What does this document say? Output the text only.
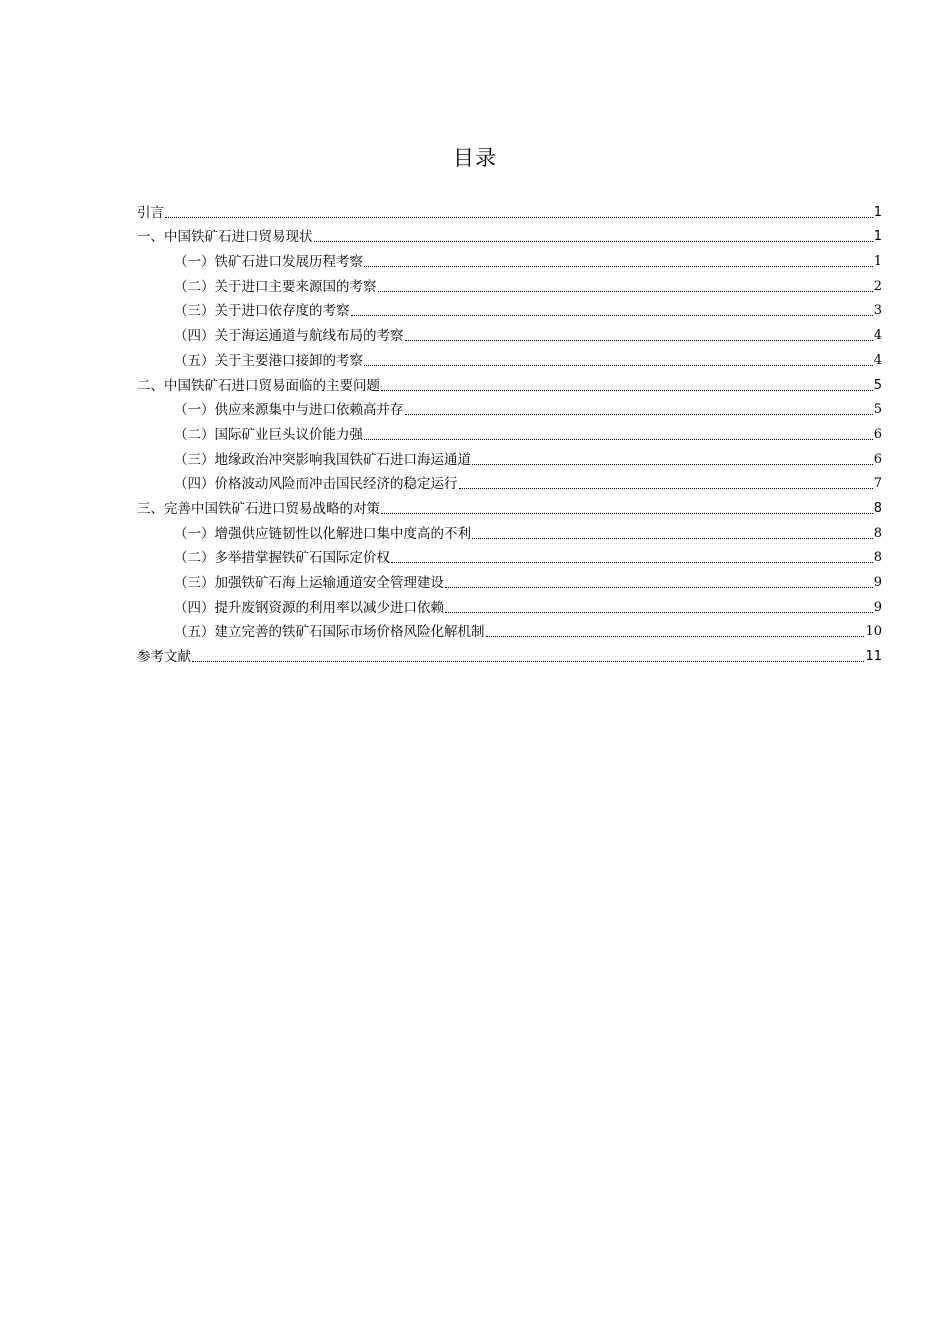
目录
引言	1
一、中国铁矿石进口贸易现状	1
（一）铁矿石进口发展历程考察	1
（二）关于进口主要来源国的考察	2
（三）关于进口依存度的考察	3
（四）关于海运通道与航线布局的考察	4
（五）关于主要港口接卸的考察	4
二、中国铁矿石进口贸易面临的主要问题	5
（一）供应来源集中与进口依赖高并存	5
（二）国际矿业巨头议价能力强	6
（三）地缘政治冲突影响我国铁矿石进口海运通道	6
（四）价格波动风险而冲击国民经济的稳定运行	7
三、完善中国铁矿石进口贸易战略的对策	8
（一）增强供应链韧性以化解进口集中度高的不利	8
（二）多举措掌握铁矿石国际定价权	8
（三）加强铁矿石海上运输通道安全管理建设	9
（四）提升废钢资源的利用率以减少进口依赖	9
（五）建立完善的铁矿石国际市场价格风险化解机制	10
参考文献	11
